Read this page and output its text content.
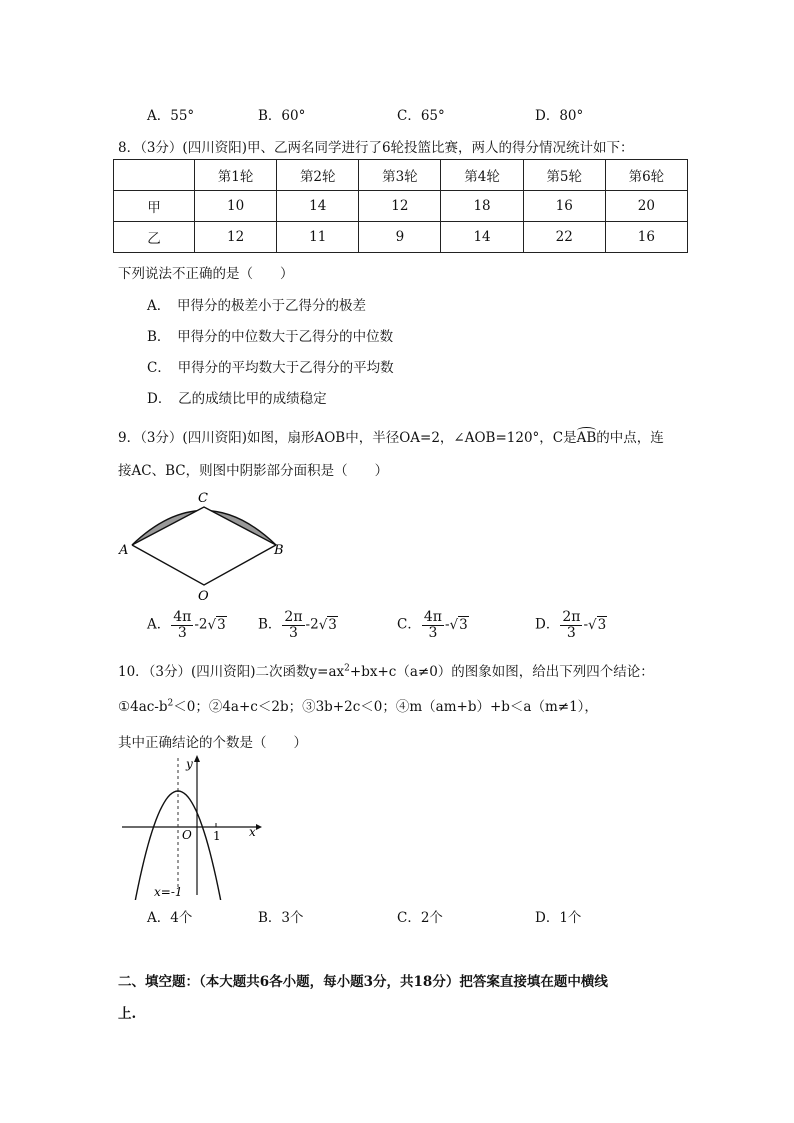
A．55°	B．60°	C．65°	D．80°
8．（3分）(四川资阳)甲、乙两名同学进行了6轮投篮比赛，两人的得分情况统计如下：
	第1轮	第2轮	第3轮	第4轮	第5轮	第6轮
甲	10	14	12	18	16	20
乙	12	11	9	14	22	16
下列说法不正确的是（　　）
A．  甲得分的极差小于乙得分的极差
B．  甲得分的中位数大于乙得分的中位数
C．  甲得分的平均数大于乙得分的平均数
D．  乙的成绩比甲的成绩稳定
9．（3分）(四川资阳)如图，扇形AOB中，半径OA=2，∠AOB=120°，C是AB的中点，连
接AC、BC，则图中阴影部分面积是（　　）
C
A	B
O
A． $\frac{4\pi}{3} -2√3$ B． $\frac{2\pi}{3} -2√3$	C． $\frac{4\pi}{3} -√3$	D． $\frac{2\pi}{3} -√3$
10．（3分）(四川资阳)二次函数$y=ax^2+bx+c(a\ne 0)$的图象如图，给出下列四个结论：
$①4ac-b^2<0$；②4a+c＜2b；③3b+2c＜0；④m（am+b）+b＜a（m≠1），
其中正确结论的个数是（　　）
y
x
O 1
x=-1
A．4个	B．3个	C．2个	D．1个
二、填空题：（本大题共6各小题，每小题3分，共18分）把答案直接填在题中横线
上.
